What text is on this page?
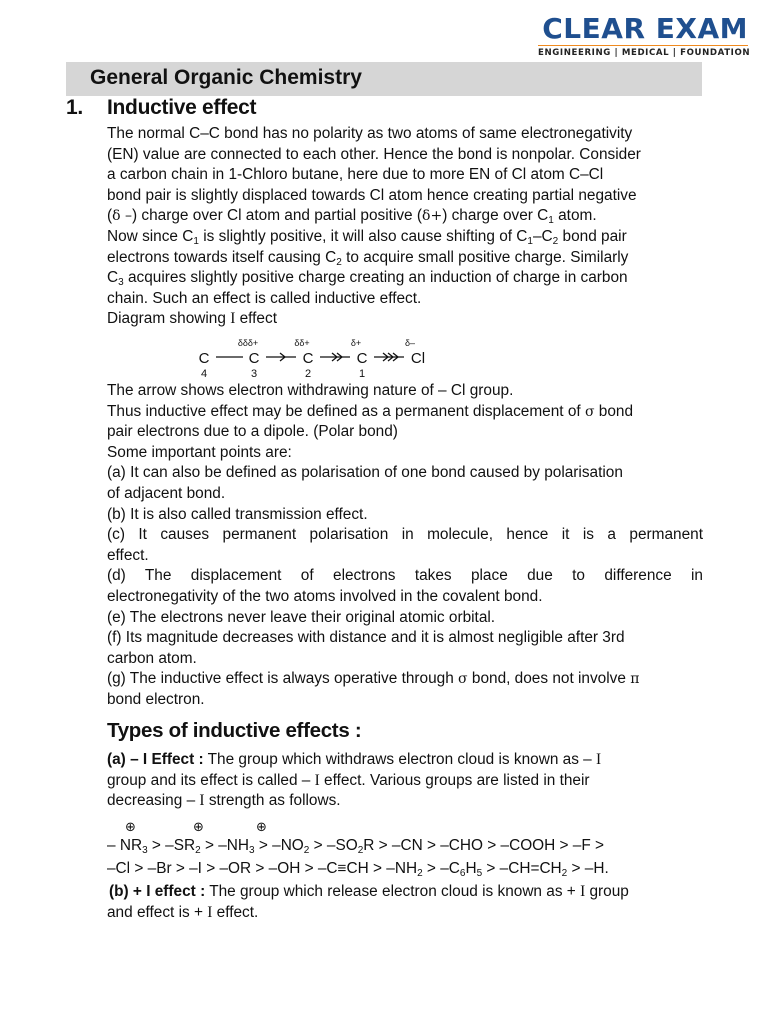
CLEAR EXAM
ENGINEERING | MEDICAL | FOUNDATION
General Organic Chemistry
1. Inductive effect

The normal C–C bond has no polarity as two atoms of same electronegativity

(EN) value are connected to each other. Hence the bond is nonpolar. Consider

a carbon chain in 1-Chloro butane, here due to more EN of Cl atom C–Cl

bond pair is slightly displaced towards Cl atom hence creating partial negative

(δ –) charge over Cl atom and partial positive (δ+) charge over $C_1$ atom.

Now since $C_1$ is slightly positive, it will also cause shifting of $C_1-C_2$ bond pair

electrons towards itself causing $C_2$ to acquire small positive charge. Similarly

$C_3$ acquires slightly positive charge creating an induction of charge in carbon

chain. Such an effect is called inductive effect.

Diagram showing I effect

δδδ+	δδ+	δ+	δ–
C	C	C	C	Cl
4	3	2	1

The arrow shows electron withdrawing nature of – Cl group.

Thus inductive effect may be defined as a permanent displacement of σ bond

pair electrons due to a dipole. (Polar bond)

Some important points are:

(a) It can also be defined as polarisation of one bond caused by polarisation

of adjacent bond.

(b) It is also called transmission effect.

(c) It causes permanent polarisation in molecule, hence it is a permanent

effect.

(d) The displacement of electrons takes place due to difference in

electronegativity of the two atoms involved in the covalent bond.

(e) The electrons never leave their original atomic orbital.

(f) Its magnitude decreases with distance and it is almost negligible after 3rd

carbon atom.

(g) The inductive effect is always operative through σ bond, does not involve π

bond electron.

Types of inductive effects :

(a) – I Effect : The group which withdraws electron cloud is known as – I

group and its effect is called – I effect. Various groups are listed in their

decreasing – I strength as follows.

⊕	⊕	⊕
– $NR_3 > -SR_2 > -NH_3 > -NO_2 > -SO_2R > -CN > -CHO$ > –COOH > –F >
$-Cl > -Br > -I > -OR > -OH > -C\equiv CH > -NH_2 > -C_6H_5 > -CH=CH_2 > -H$.

(b) + I effect : The group which release electron cloud is known as + I group

and effect is + I effect.
